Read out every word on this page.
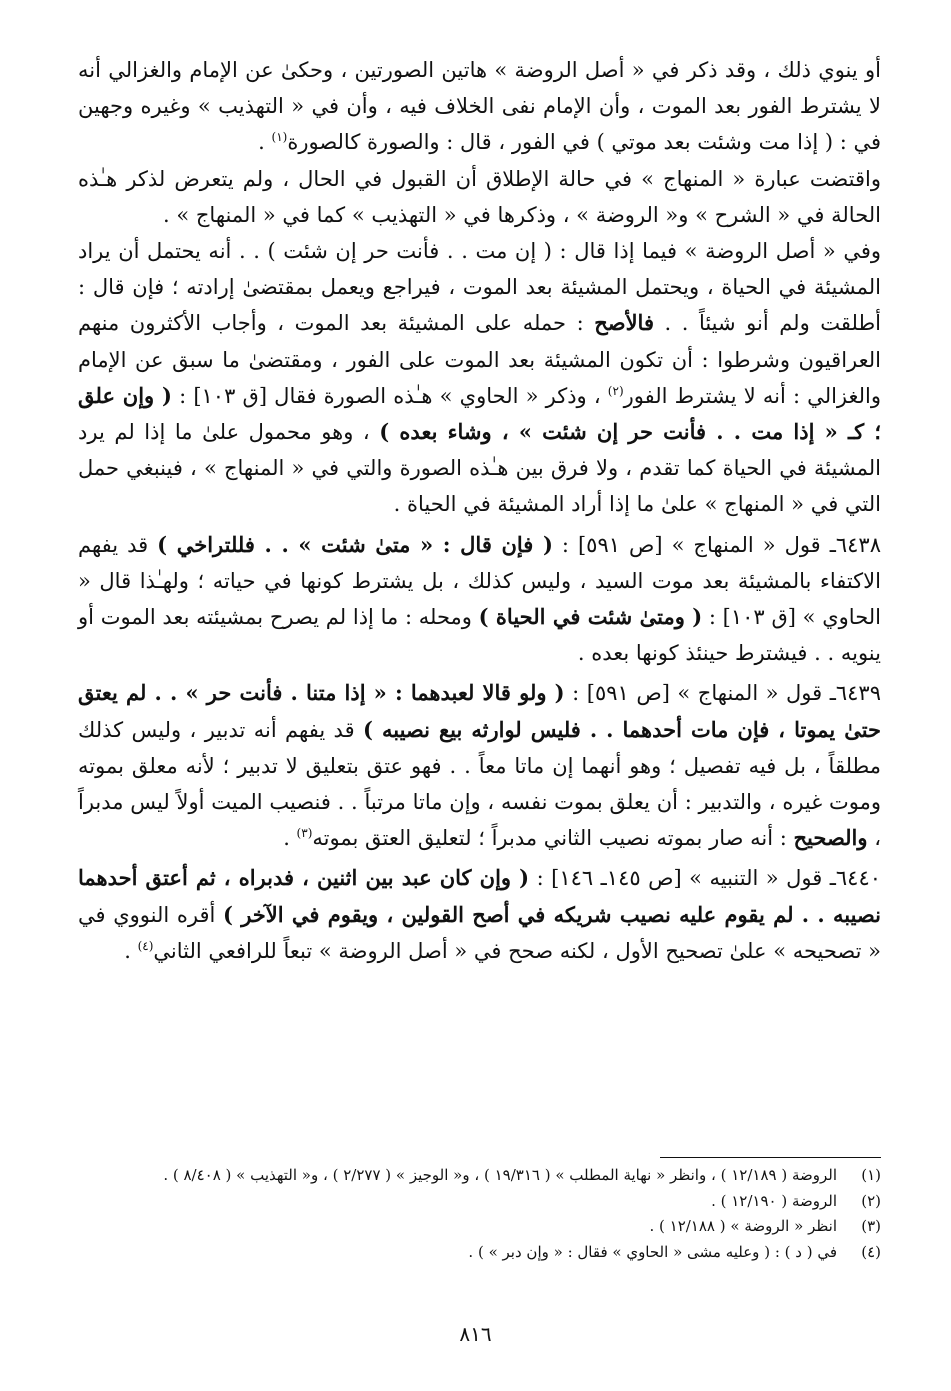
أو ينوي ذلك ، وقد ذكر في « أصل الروضة » هاتين الصورتين ، وحكىٰ عن الإمام والغزالي أنه لا يشترط الفور بعد الموت ، وأن الإمام نفى الخلاف فيه ، وأن في « التهذيب » وغيره وجهين في : ( إذا مت وشئت بعد موتي ) في الفور ، قال : والصورة كالصورة$^{(١)}$ .

واقتضت عبارة « المنهاج » في حالة الإطلاق أن القبول في الحال ، ولم يتعرض لذكر هـٰذه الحالة في « الشرح » و« الروضة » ، وذكرها في « التهذيب » كما في « المنهاج » .

وفي « أصل الروضة » فيما إذا قال : ( إن مت . . فأنت حر إن شئت ) . . أنه يحتمل أن يراد المشيئة في الحياة ، ويحتمل المشيئة بعد الموت ، فيراجع ويعمل بمقتضىٰ إرادته ؛ فإن قال : أطلقت ولم أنو شيئاً . . فالأصح : حمله على المشيئة بعد الموت ، وأجاب الأكثرون منهم العراقيون وشرطوا : أن تكون المشيئة بعد الموت على الفور ، ومقتضىٰ ما سبق عن الإمام والغزالي : أنه لا يشترط الفور$^{(٢)}$ ، وذكر « الحاوي » هـٰذه الصورة فقال [ق ١٠٣] : ( وإن علق ؛ كـ « إذا مت . . فأنت حر إن شئت » ، وشاء بعده ) ، وهو محمول علىٰ ما إذا لم يرد المشيئة في الحياة كما تقدم ، ولا فرق بين هـٰذه الصورة والتي في « المنهاج » ، فينبغي حمل التي في « المنهاج » علىٰ ما إذا أراد المشيئة في الحياة .

٦٤٣٨ـ قول « المنهاج » [ص ٥٩١] : ( فإن قال : « متىٰ شئت » . . فللتراخي ) قد يفهم الاكتفاء بالمشيئة بعد موت السيد ، وليس كذلك ، بل يشترط كونها في حياته ؛ ولهـٰذا قال « الحاوي » [ق ١٠٣] : ( ومتىٰ شئت في الحياة ) ومحله : ما إذا لم يصرح بمشيئته بعد الموت أو ينويه . . فيشترط حينئذ كونها بعده .

٦٤٣٩ـ قول « المنهاج » [ص ٥٩١] : ( ولو قالا لعبدهما : « إذا متنا . فأنت حر » . . لم يعتق حتىٰ يموتا ، فإن مات أحدهما . . فليس لوارثه بيع نصيبه ) قد يفهم أنه تدبير ، وليس كذلك مطلقاً ، بل فيه تفصيل ؛ وهو أنهما إن ماتا معاً . . فهو عتق بتعليق لا تدبير ؛ لأنه معلق بموته وموت غيره ، والتدبير : أن يعلق بموت نفسه ، وإن ماتا مرتباً . . فنصيب الميت أولاً ليس مدبراً ، والصحيح : أنه صار بموته نصيب الثاني مدبراً ؛ لتعليق العتق بموته$^{(٣)}$ .

٦٤٤٠ـ قول « التنبيه » [ص ١٤٥ـ ١٤٦] : ( وإن كان عبد بين اثنين ، فدبراه ، ثم أعتق أحدهما نصيبه . . لم يقوم عليه نصيب شريكه في أصح القولين ، ويقوم في الآخر ) أقره النووي في « تصحيحه » علىٰ تصحيح الأول ، لكنه صحح في « أصل الروضة » تبعاً للرافعي الثاني$^{(٤)}$ .

(١)
الروضة ( ١٢/١٨٩ ) ، وانظر « نهاية المطلب » ( ١٩/٣١٦ ) ، و« الوجيز » ( ٢/٢٧٧ ) ، و« التهذيب » ( ٨/٤٠٨ ) .
(٢)
الروضة ( ١٢/١٩٠ ) .
(٣)
انظر « الروضة » ( ١٢/١٨٨ ) .
(٤)
في ( د ) : ( وعليه مشى « الحاوي » فقال : « وإن دبر » ) .
٨١٦
